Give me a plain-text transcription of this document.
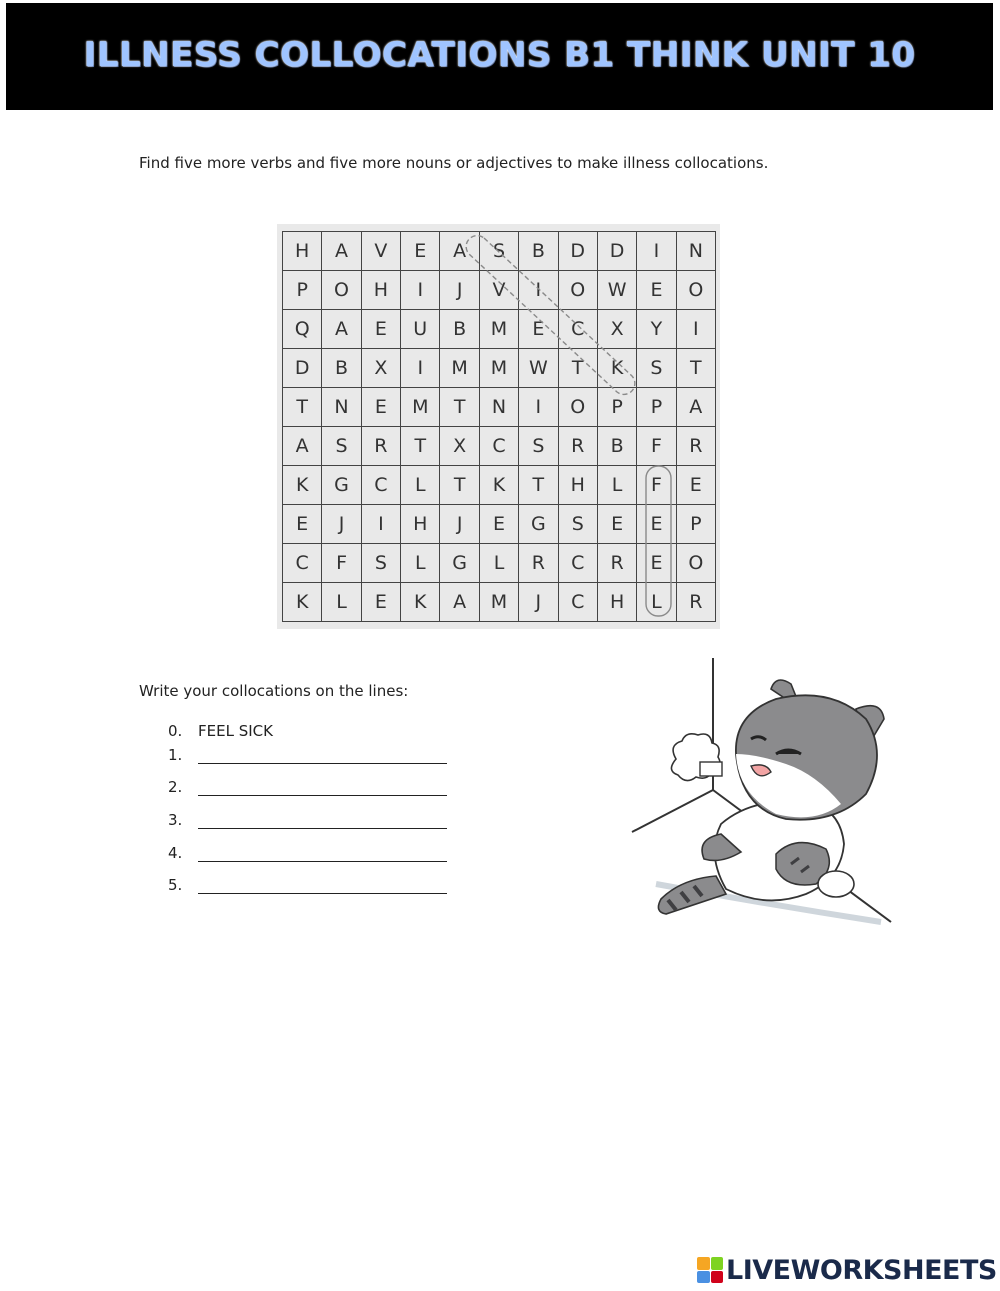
ILLNESS COLLOCATIONS B1 THINK UNIT 10
Find five more verbs and five more nouns or adjectives to make illness collocations.
H	A	V	E	A	S	B	D	D	I	N
P	O	H	I	J	V	I	O	W	E	O
Q	A	E	U	B	M	E	C	X	Y	I
D	B	X	I	M	M	W	T	K	S	T
T	N	E	M	T	N	I	O	P	P	A
A	S	R	T	X	C	S	R	B	F	R
K	G	C	L	T	K	T	H	L	F	E
E	J	I	H	J	E	G	S	E	E	P
C	F	S	L	G	L	R	C	R	E	O
K	L	E	K	A	M	J	C	H	L	R
Write your collocations on the lines:
0.	FEEL SICK
1.
2.
3.
4.
5.
LIVEWORKSHEETS
